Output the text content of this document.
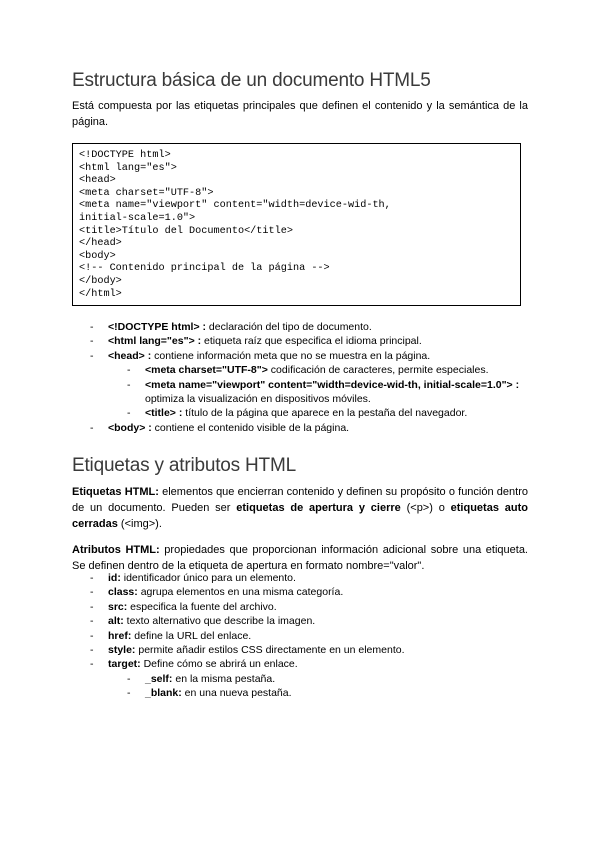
Estructura básica de un documento HTML5

Está compuesta por las etiquetas principales que definen el contenido y la semántica de la página.

<!DOCTYPE html>
<html lang="es">
<head>
<meta charset="UTF-8">
<meta name="viewport" content="width=device-wid-th,
initial-scale=1.0">
<title>Título del Documento</title>
</head>
<body>
<!-- Contenido principal de la página -->
</body>
</html>
- <!DOCTYPE html> : declaración del tipo de documento.
- <html lang="es"> : etiqueta raíz que especifica el idioma principal.
- <head> : contiene información meta que no se muestra en la página.
- <meta charset="UTF-8"> codificación de caracteres, permite especiales.
- <meta name="viewport" content="width=device-wid-th, initial-scale=1.0"> : optimiza la visualización en dispositivos móviles.
- <title> : título de la página que aparece en la pestaña del navegador.
- <body> : contiene el contenido visible de la página.
Etiquetas y atributos HTML

Etiquetas HTML: elementos que encierran contenido y definen su propósito o función dentro de un documento. Pueden ser etiquetas de apertura y cierre (<p>) o etiquetas auto cerradas (<img>).

Atributos HTML: propiedades que proporcionan información adicional sobre una etiqueta. Se definen dentro de la etiqueta de apertura en formato nombre="valor".

- id: identificador único para un elemento.
- class: agrupa elementos en una misma categoría.
- src: especifica la fuente del archivo.
- alt: texto alternativo que describe la imagen.
- href: define la URL del enlace.
- style: permite añadir estilos CSS directamente en un elemento.
- target: Define cómo se abrirá un enlace.
- _self: en la misma pestaña.
- _blank: en una nueva pestaña.
